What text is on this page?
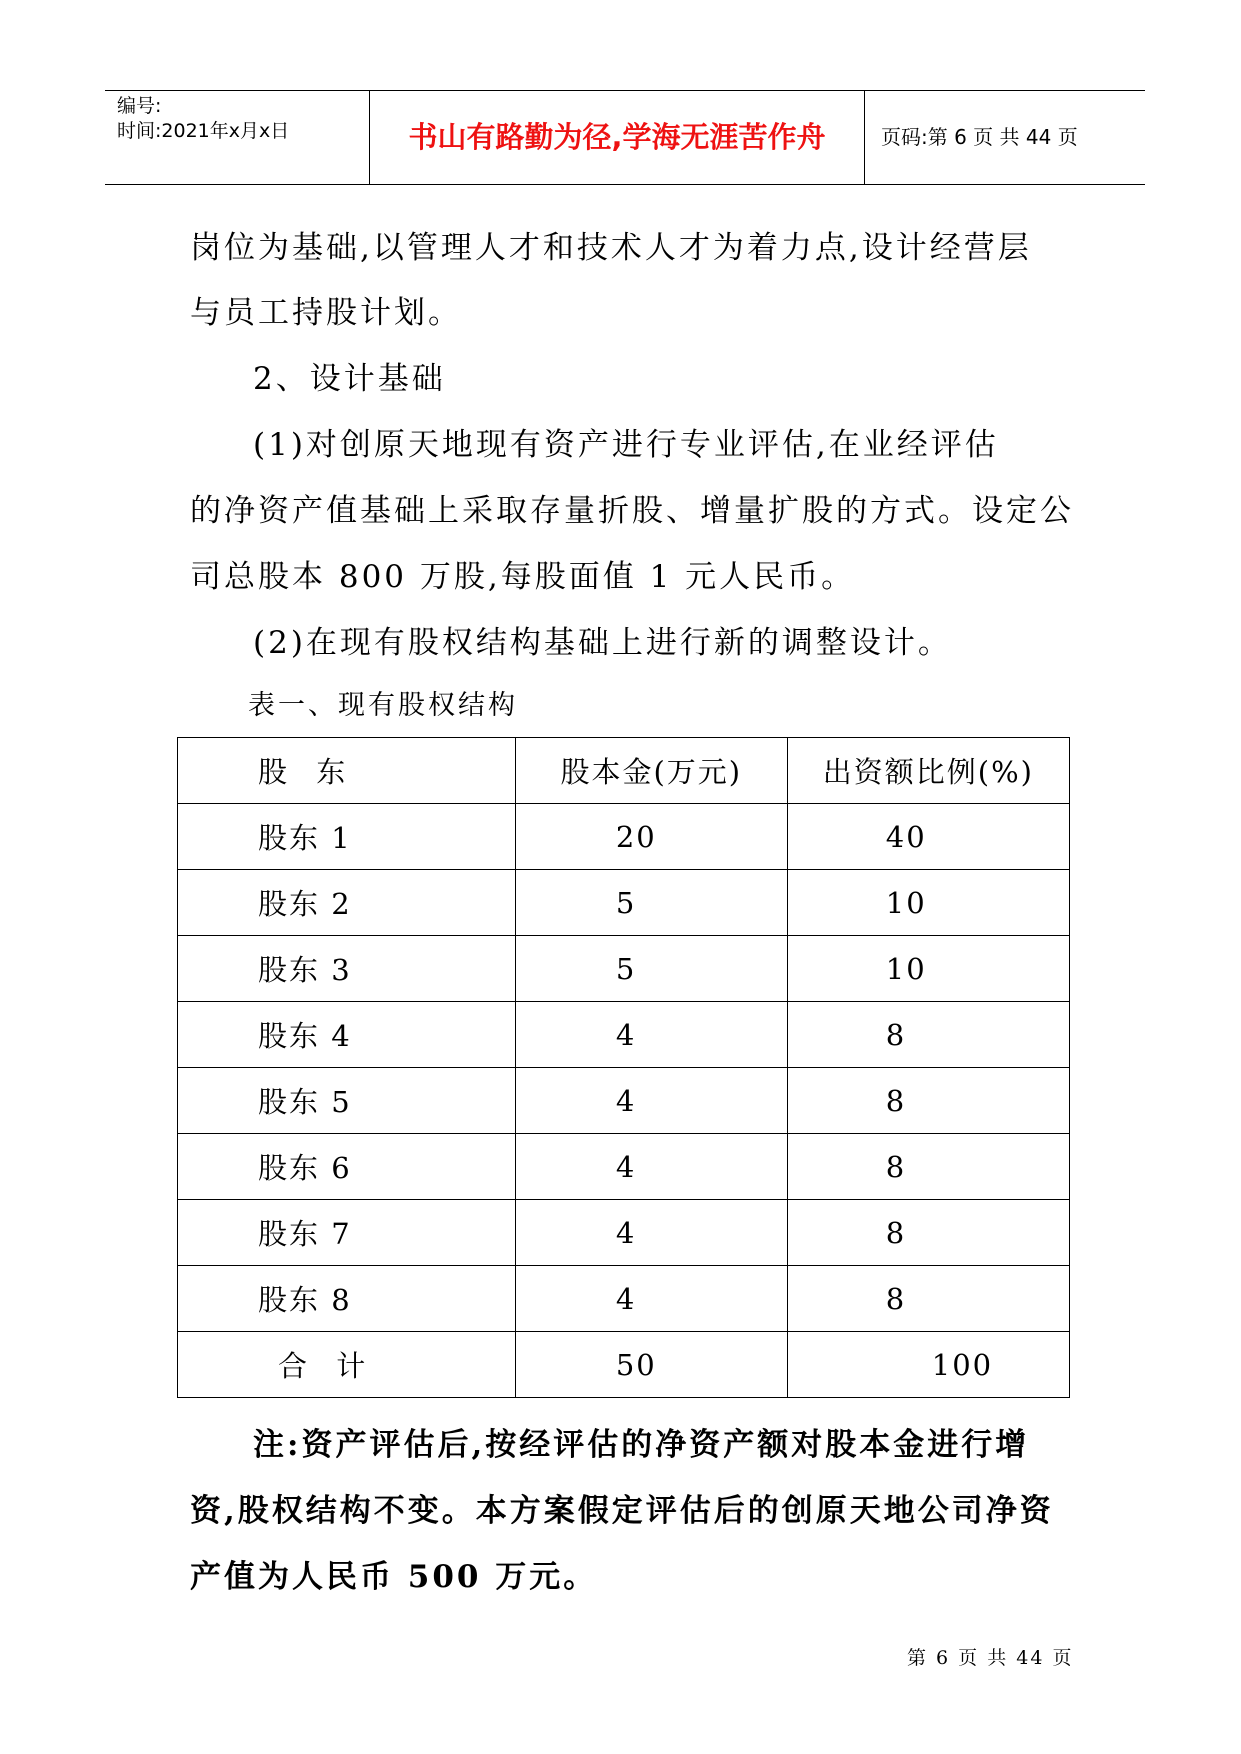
编号:
时间:2021年x月x日	书山有路勤为径,学海无涯苦作舟	页码:第 6 页 共 44 页
岗位为基础,以管理人才和技术人才为着力点,设计经营层
与员工持股计划。
2、设计基础
(1)对创原天地现有资产进行专业评估,在业经评估
的净资产值基础上采取存量折股、增量扩股的方式。设定公
司总股本 800 万股,每股面值 1 元人民币。
(2)在现有股权结构基础上进行新的调整设计。
表一、现有股权结构
股 东	股本金(万元)	出资额比例(%)
股东 1	20	40
股东 2	5	10
股东 3	5	10
股东 4	4	8
股东 5	4	8
股东 6	4	8
股东 7	4	8
股东 8	4	8
合 计	50	100
注:资产评估后,按经评估的净资产额对股本金进行增
资,股权结构不变。本方案假定评估后的创原天地公司净资
产值为人民币 500 万元。
第 6 页 共 44 页
